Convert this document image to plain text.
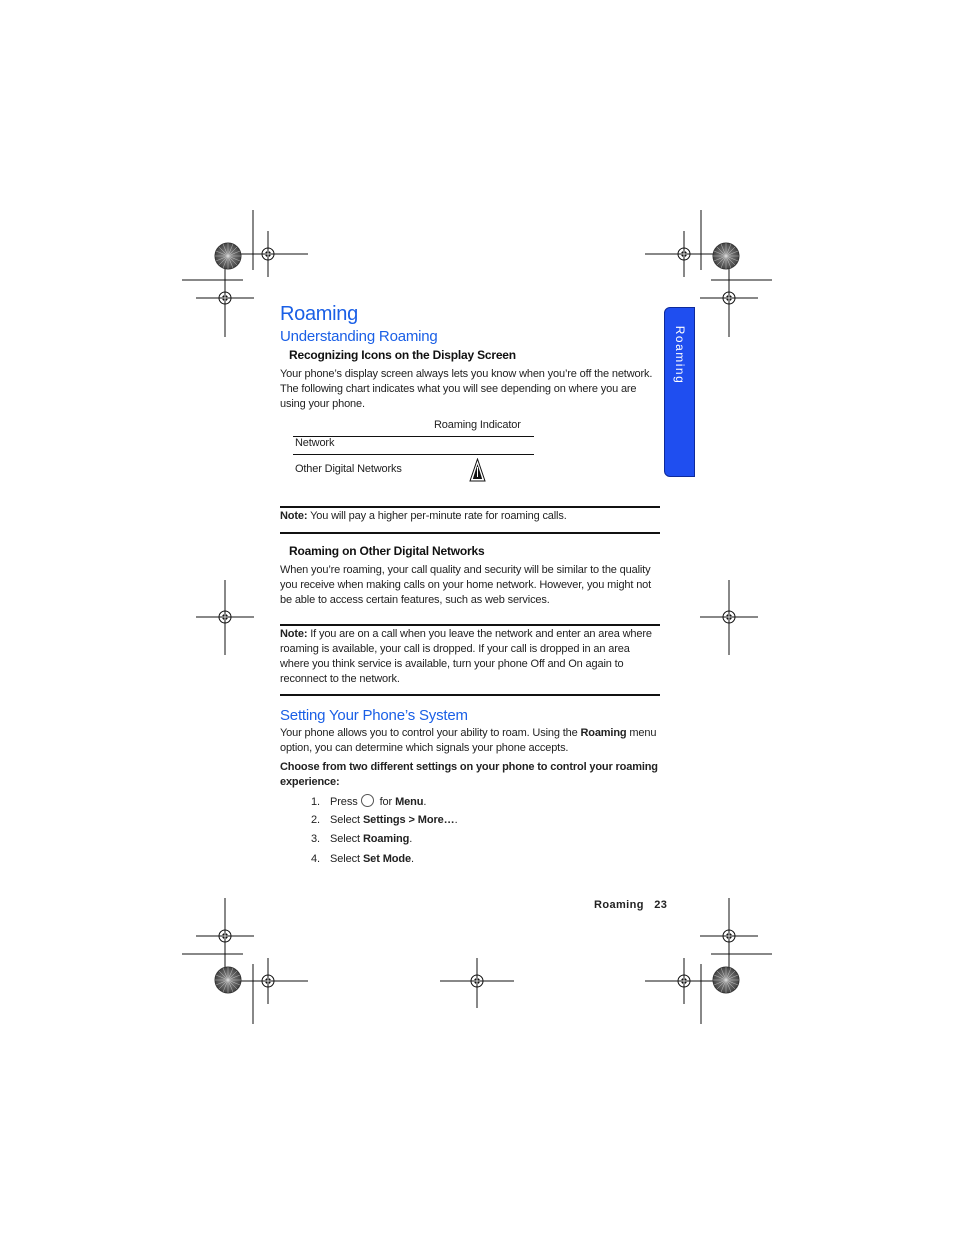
Roaming
Roaming
Understanding Roaming
Recognizing Icons on the Display Screen
Your phone’s display screen always lets you know when you’re off the network. The following chart indicates what you will see depending on where you are using your phone.
Roaming Indicator
Network
Other Digital Networks
Note: You will pay a higher per-minute rate for roaming calls.
Roaming on Other Digital Networks
When you’re roaming, your call quality and security will be similar to the quality you receive when making calls on your home network. However, you might not be able to access certain features, such as web services.
Note: If you are on a call when you leave the network and enter an area where roaming is available, your call is dropped. If your call is dropped in an area where you think service is available, turn your phone Off and On again to reconnect to the network.
Setting Your Phone’s System
Your phone allows you to control your ability to roam. Using the Roaming menu option, you can determine which signals your phone accepts.
Choose from two different settings on your phone to control your roaming experience:
1. Press for Menu.
2. Select Settings > More….
3. Select Roaming.
4. Select Set Mode.
Roaming 23
